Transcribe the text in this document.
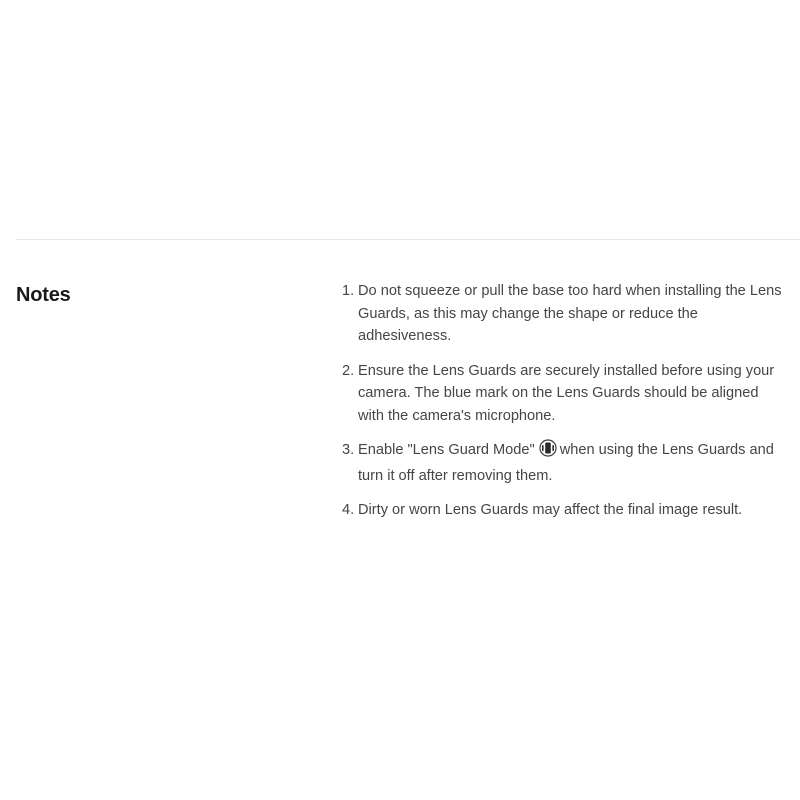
Notes	1. Do not squeeze or pull the base too hard when installing the Lens Guards, as this may change the shape or reduce the adhesiveness.
2. Ensure the Lens Guards are securely installed before using your camera. The blue mark on the Lens Guards should be aligned with the camera's microphone.
3. Enable "Lens Guard Mode" when using the Lens Guards and turn it off after removing them.
4. Dirty or worn Lens Guards may affect the final image result.
